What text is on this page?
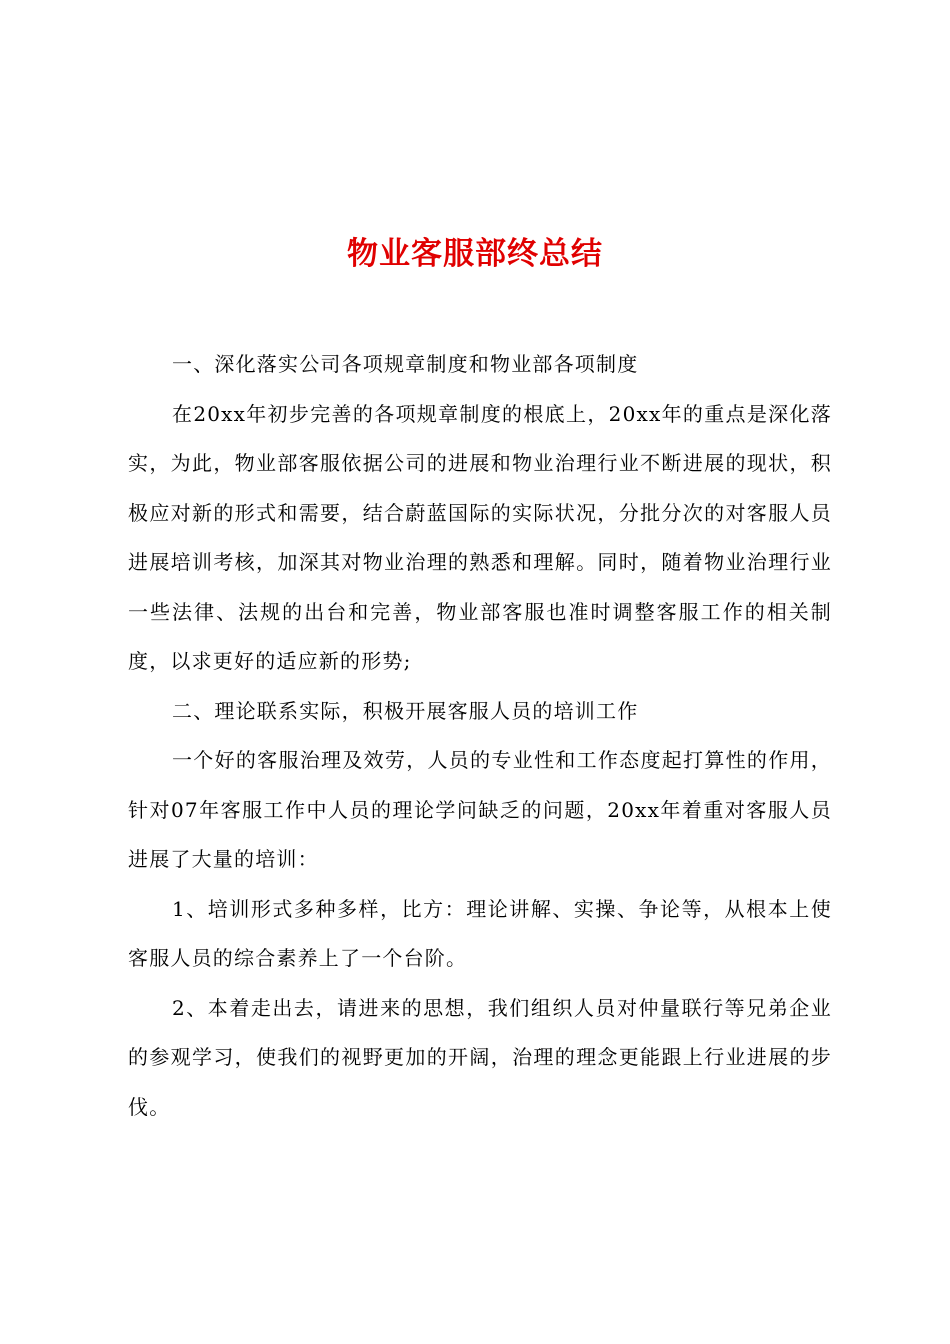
物业客服部终总结

一、深化落实公司各项规章制度和物业部各项制度

在20xx年初步完善的各项规章制度的根底上，20xx年的重点是深化落实，为此，物业部客服依据公司的进展和物业治理行业不断进展的现状，积极应对新的形式和需要，结合蔚蓝国际的实际状况，分批分次的对客服人员进展培训考核，加深其对物业治理的熟悉和理解。同时，随着物业治理行业一些法律、法规的出台和完善，物业部客服也准时调整客服工作的相关制度，以求更好的适应新的形势;

二、理论联系实际，积极开展客服人员的培训工作

一个好的客服治理及效劳，人员的专业性和工作态度起打算性的作用，针对07年客服工作中人员的理论学问缺乏的问题，20xx年着重对客服人员进展了大量的培训：

1、培训形式多种多样，比方：理论讲解、实操、争论等，从根本上使客服人员的综合素养上了一个台阶。

2、本着走出去，请进来的思想，我们组织人员对仲量联行等兄弟企业的参观学习，使我们的视野更加的开阔，治理的理念更能跟上行业进展的步伐。
